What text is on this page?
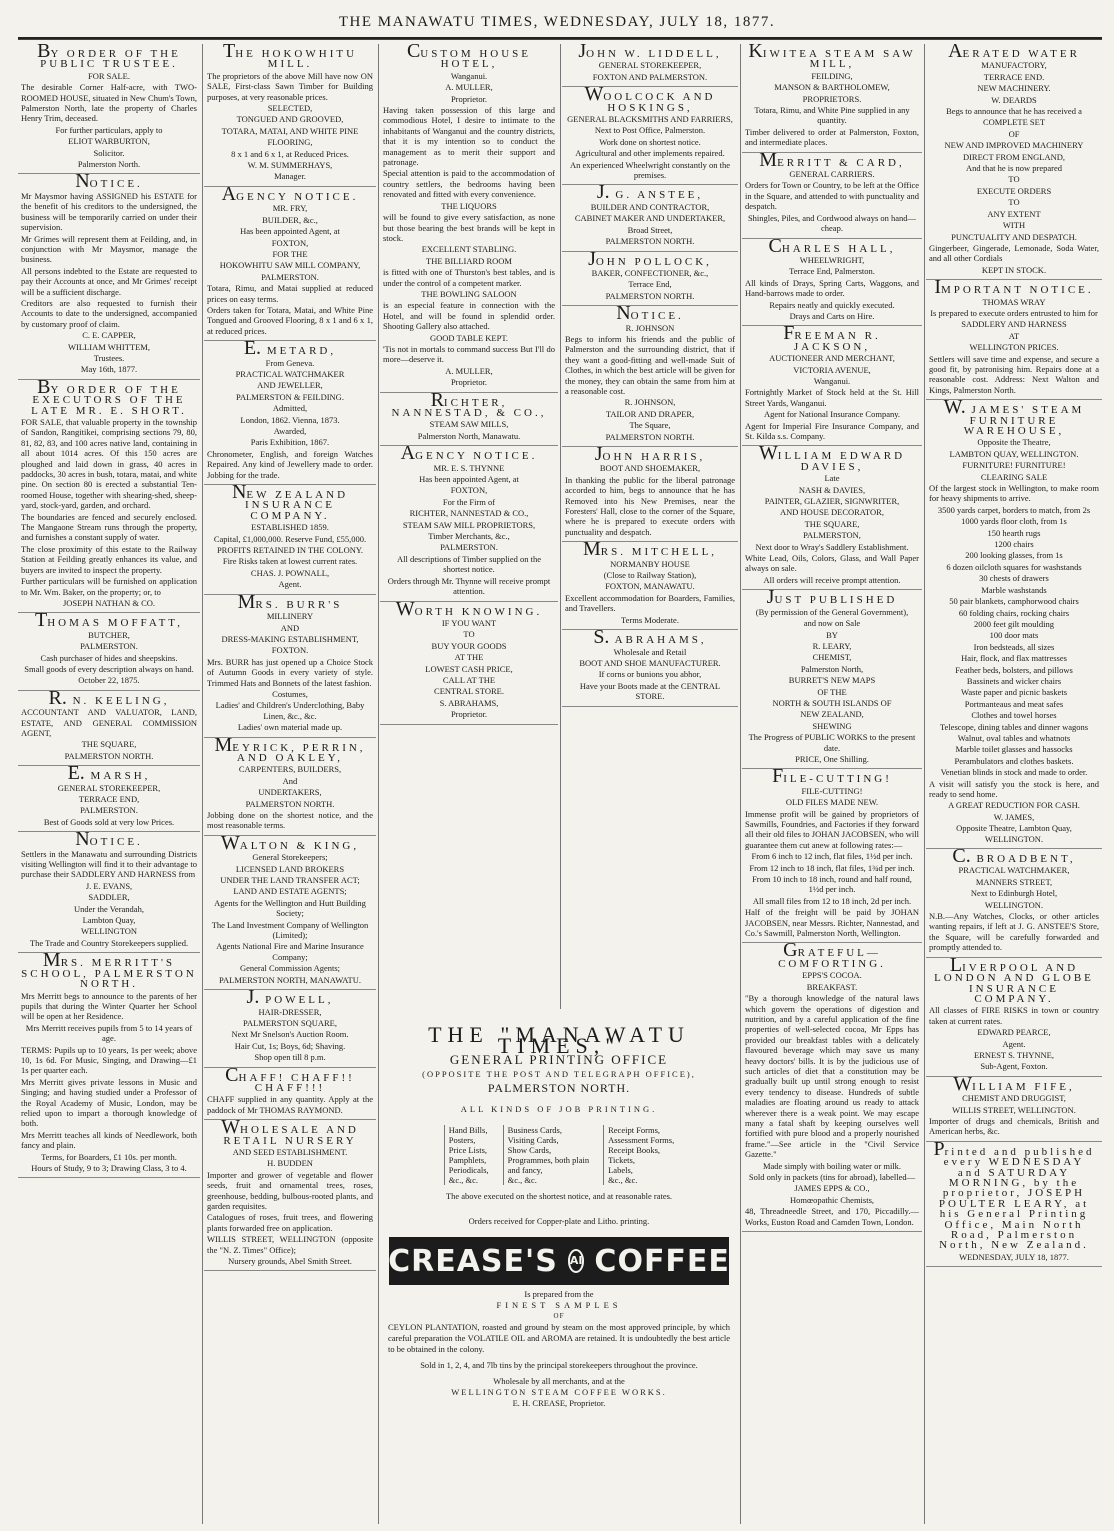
THE MANAWATU TIMES, WEDNESDAY, JULY 18, 1877.

BY ORDER OF THE PUBLIC TRUSTEE.

FOR SALE.

The desirable Corner Half-acre, with TWO-ROOMED HOUSE, situated in New Chum's Town, Palmerston North, late the property of Charles Henry Trim, deceased.

For further particulars, apply to

ELIOT WARBURTON,

Solicitor.

Palmerston North.

NOTICE.

Mr Maysmor having ASSIGNED his ESTATE for the benefit of his creditors to the undersigned, the business will be temporarily carried on under their supervision.

Mr Grimes will represent them at Feilding, and, in conjunction with Mr Maysmor, manage the business.

All persons indebted to the Estate are requested to pay their Accounts at once, and Mr Grimes' receipt will be a sufficient discharge.

Creditors are also requested to furnish their Accounts to date to the undersigned, accompanied by customary proof of claim.

C. E. CAPPER,

WILLIAM WHITTEM,

Trustees.

May 16th, 1877.

BY ORDER OF THE EXECUTORS OF THE LATE MR. E. SHORT.

FOR SALE, that valuable property in the township of Sandon, Rangitikei, comprising sections 79, 80, 81, 82, 83, and 100 acres native land, containing in all about 1014 acres. Of this 150 acres are ploughed and laid down in grass, 40 acres in paddocks, 30 acres in bush, totara, matai, and white pine. On section 80 is erected a substantial Ten-roomed House, together with shearing-shed, sheep-yard, stock-yard, garden, and orchard.

The boundaries are fenced and securely enclosed. The Mangaone Stream runs through the property, and furnishes a constant supply of water.

The close proximity of this estate to the Railway Station at Feilding greatly enhances its value, and buyers are invited to inspect the property.

Further particulars will be furnished on application to Mr. Wm. Baker, on the property; or, to

JOSEPH NATHAN & CO.

THOMAS MOFFATT,

BUTCHER,

PALMERSTON.

Cash purchaser of hides and sheepskins.

Small goods of every description always on hand.

October 22, 1875.

R. N. KEELING,

ACCOUNTANT AND VALUATOR, LAND, ESTATE, AND GENERAL COMMISSION AGENT,

THE SQUARE,

PALMERSTON NORTH.

E. MARSH,

GENERAL STOREKEEPER,

TERRACE END,

PALMERSTON.

Best of Goods sold at very low Prices.

NOTICE.

Settlers in the Manawatu and surrounding Districts visiting Wellington will find it to their advantage to purchase their SADDLERY AND HARNESS from

J. E. EVANS,

SADDLER,

Under the Verandah,

Lambton Quay,

WELLINGTON

The Trade and Country Storekeepers supplied.

MRS. MERRITT'S SCHOOL, PALMERSTON NORTH.

Mrs Merritt begs to announce to the parents of her pupils that during the Winter Quarter her School will be open at her Residence.

Mrs Merritt receives pupils from 5 to 14 years of age.

TERMS: Pupils up to 10 years, 1s per week; above 10, 1s 6d. For Music, Singing, and Drawing—£1 1s per quarter each.

Mrs Merritt gives private lessons in Music and Singing; and having studied under a Professor of the Royal Academy of Music, London, may be relied upon to impart a thorough knowledge of both.

Mrs Merritt teaches all kinds of Needlework, both fancy and plain.

Terms, for Boarders, £1 10s. per month.

Hours of Study, 9 to 3; Drawing Class, 3 to 4.

THE HOKOWHITU MILL.

The proprietors of the above Mill have now ON SALE, First-class Sawn Timber for Building purposes, at very reasonable prices.

SELECTED,

TONGUED AND GROOVED,

TOTARA, MATAI, AND WHITE PINE

FLOORING,

8 x 1 and 6 x 1, at Reduced Prices.

W. M. SUMMERHAYS,

Manager.

AGENCY NOTICE.

MR. FRY,

BUILDER, &c.,

Has been appointed Agent, at

FOXTON,

FOR THE

HOKOWHITU SAW MILL COMPANY,

PALMERSTON.

Totara, Rimu, and Matai supplied at reduced prices on easy terms.

Orders taken for Totara, Matai, and White Pine Tongued and Grooved Flooring, 8 x 1 and 6 x 1, at reduced prices.

E. METARD,

From Geneva.

PRACTICAL WATCHMAKER

AND JEWELLER,

PALMERSTON & FEILDING.

Admitted,

London, 1862. Vienna, 1873.

Awarded,

Paris Exhibition, 1867.

Chronometer, English, and foreign Watches Repaired. Any kind of Jewellery made to order. Jobbing for the trade.

NEW ZEALAND INSURANCE COMPANY.

ESTABLISHED 1859.

Capital, £1,000,000. Reserve Fund, £55,000.

PROFITS RETAINED IN THE COLONY.

Fire Risks taken at lowest current rates.

CHAS. J. POWNALL,

Agent.

MRS. BURR'S

MILLINERY

AND

DRESS-MAKING ESTABLISHMENT,

FOXTON.

Mrs. BURR has just opened up a Choice Stock of Autumn Goods in every variety of style. Trimmed Hats and Bonnets of the latest fashion.

Costumes,

Ladies' and Children's Underclothing, Baby Linen, &c., &c.

Ladies' own material made up.

MEYRICK, PERRIN, AND OAKLEY,

CARPENTERS, BUILDERS,

And

UNDERTAKERS,

PALMERSTON NORTH.

Jobbing done on the shortest notice, and the most reasonable terms.

WALTON & KING,

General Storekeepers;

LICENSED LAND BROKERS

UNDER THE LAND TRANSFER ACT;

LAND AND ESTATE AGENTS;

Agents for the Wellington and Hutt Building Society;

The Land Investment Company of Wellington (Limited);

Agents National Fire and Marine Insurance Company;

General Commission Agents;

PALMERSTON NORTH, MANAWATU.

J. POWELL,

HAIR-DRESSER,

PALMERSTON SQUARE,

Next Mr Snelson's Auction Room.

Hair Cut, 1s; Boys, 6d; Shaving.

Shop open till 8 p.m.

CHAFF! CHAFF!! CHAFF!!!

CHAFF supplied in any quantity. Apply at the paddock of Mr THOMAS RAYMOND.

WHOLESALE AND RETAIL NURSERY

AND SEED ESTABLISHMENT.

H. BUDDEN

Importer and grower of vegetable and flower seeds, fruit and ornamental trees, roses, greenhouse, bedding, bulbous-rooted plants, and garden requisites.

Catalogues of roses, fruit trees, and flowering plants forwarded free on application.

WILLIS STREET, WELLINGTON (opposite the "N. Z. Times" Office);

Nursery grounds, Abel Smith Street.

CUSTOM HOUSE HOTEL,

Wanganui.

A. MULLER,

Proprietor.

Having taken possession of this large and commodious Hotel, I desire to intimate to the inhabitants of Wanganui and the country districts, that it is my intention so to conduct the management as to merit their support and patronage.

Special attention is paid to the accommodation of country settlers, the bedrooms having been renovated and fitted with every convenience.

THE LIQUORS

will be found to give every satisfaction, as none but those bearing the best brands will be kept in stock.

EXCELLENT STABLING.

THE BILLIARD ROOM

is fitted with one of Thurston's best tables, and is under the control of a competent marker.

THE BOWLING SALOON

is an especial feature in connection with the Hotel, and will be found in splendid order. Shooting Gallery also attached.

GOOD TABLE KEPT.

'Tis not in mortals to command success But I'll do more—deserve it.

A. MULLER,

Proprietor.

RICHTER, NANNESTAD, & CO.,

STEAM SAW MILLS,

Palmerston North, Manawatu.

AGENCY NOTICE.

MR. E. S. THYNNE

Has been appointed Agent, at

FOXTON,

For the Firm of

RICHTER, NANNESTAD & CO.,

STEAM SAW MILL PROPRIETORS,

Timber Merchants, &c.,

PALMERSTON.

All descriptions of Timber supplied on the shortest notice.

Orders through Mr. Thynne will receive prompt attention.

WORTH KNOWING.

IF YOU WANT

TO

BUY YOUR GOODS

AT THE

LOWEST CASH PRICE,

CALL AT THE

CENTRAL STORE.

S. ABRAHAMS,

Proprietor.

JOHN W. LIDDELL,

GENERAL STOREKEEPER,

FOXTON AND PALMERSTON.

WOOLCOCK AND HOSKINGS,

GENERAL BLACKSMITHS AND FARRIERS,

Next to Post Office, Palmerston.

Work done on shortest notice.

Agricultural and other implements repaired.

An experienced Wheelwright constantly on the premises.

J. G. ANSTEE,

BUILDER AND CONTRACTOR,

CABINET MAKER AND UNDERTAKER,

Broad Street,

PALMERSTON NORTH.

JOHN POLLOCK,

BAKER, CONFECTIONER, &c.,

Terrace End,

PALMERSTON NORTH.

NOTICE.

R. JOHNSON

Begs to inform his friends and the public of Palmerston and the surrounding district, that if they want a good-fitting and well-made Suit of Clothes, in which the best article will be given for the money, they can obtain the same from him at a reasonable cost.

R. JOHNSON,

TAILOR AND DRAPER,

The Square,

PALMERSTON NORTH.

JOHN HARRIS,

BOOT AND SHOEMAKER,

In thanking the public for the liberal patronage accorded to him, begs to announce that he has Removed into his New Premises, near the Foresters' Hall, close to the corner of the Square, where he is prepared to execute orders with punctuality and despatch.

MRS. MITCHELL,

NORMANBY HOUSE

(Close to Railway Station),

FOXTON, MANAWATU.

Excellent accommodation for Boarders, Families, and Travellers.

Terms Moderate.

S. ABRAHAMS,

Wholesale and Retail

BOOT AND SHOE MANUFACTURER.

If corns or bunions you abhor,

Have your Boots made at the CENTRAL STORE.

KIWITEA STEAM SAW MILL,

FEILDING,

MANSON & BARTHOLOMEW,

PROPRIETORS.

Totara, Rimu, and White Pine supplied in any quantity.

Timber delivered to order at Palmerston, Foxton, and intermediate places.

MERRITT & CARD,

GENERAL CARRIERS.

Orders for Town or Country, to be left at the Office in the Square, and attended to with punctuality and despatch.

Shingles, Piles, and Cordwood always on hand—cheap.

CHARLES HALL,

WHEELWRIGHT,

Terrace End, Palmerston.

All kinds of Drays, Spring Carts, Waggons, and Hand-barrows made to order.

Repairs neatly and quickly executed.

Drays and Carts on Hire.

FREEMAN R. JACKSON,

AUCTIONEER AND MERCHANT,

VICTORIA AVENUE,

Wanganui.

Fortnightly Market of Stock held at the St. Hill Street Yards, Wanganui.

Agent for National Insurance Company.

Agent for Imperial Fire Insurance Company, and St. Kilda s.s. Company.

WILLIAM EDWARD DAVIES,

Late

NASH & DAVIES,

PAINTER, GLAZIER, SIGNWRITER,

AND HOUSE DECORATOR,

THE SQUARE,

PALMERSTON,

Next door to Wray's Saddlery Establishment.

White Lead, Oils, Colors, Glass, and Wall Paper always on sale.

All orders will receive prompt attention.

JUST PUBLISHED

(By permission of the General Government),

and now on Sale

BY

R. LEARY,

CHEMIST,

Palmerston North,

BURRET'S NEW MAPS

OF THE

NORTH & SOUTH ISLANDS OF

NEW ZEALAND,

SHEWING

The Progress of PUBLIC WORKS to the present date.

PRICE, One Shilling.

FILE-CUTTING!

FILE-CUTTING!

OLD FILES MADE NEW.

Immense profit will be gained by proprietors of Sawmills, Foundries, and Factories if they forward all their old files to JOHAN JACOBSEN, who will guarantee them cut anew at following rates:—

From 6 inch to 12 inch, flat files, 1½d per inch.

From 12 inch to 18 inch, flat files, 1¾d per inch.

From 10 inch to 18 inch, round and half round, 1½d per inch.

All small files from 12 to 18 inch, 2d per inch.

Half of the freight will be paid by JOHAN JACOBSEN, near Messrs. Richter, Nannestad, and Co.'s Sawmill, Palmerston North, Wellington.

GRATEFUL—COMFORTING.

EPPS'S COCOA.

BREAKFAST.

"By a thorough knowledge of the natural laws which govern the operations of digestion and nutrition, and by a careful application of the fine properties of well-selected cocoa, Mr Epps has provided our breakfast tables with a delicately flavoured beverage which may save us many heavy doctors' bills. It is by the judicious use of such articles of diet that a constitution may be gradually built up until strong enough to resist every tendency to disease. Hundreds of subtle maladies are floating around us ready to attack wherever there is a weak point. We may escape many a fatal shaft by keeping ourselves well fortified with pure blood and a properly nourished frame."—See article in the "Civil Service Gazette."

Made simply with boiling water or milk.

Sold only in packets (tins for abroad), labelled—

JAMES EPPS & CO.,

Homœopathic Chemists,

48, Threadneedle Street, and 170, Piccadilly.—Works, Euston Road and Camden Town, London.

AERATED WATER

MANUFACTORY,

TERRACE END.

NEW MACHINERY.

W. DEARDS

Begs to announce that he has received a

COMPLETE SET

OF

NEW AND IMPROVED MACHINERY

DIRECT FROM ENGLAND,

And that he is now prepared

TO

EXECUTE ORDERS

TO

ANY EXTENT

WITH

PUNCTUALITY AND DESPATCH.

Gingerbeer, Gingerade, Lemonade, Soda Water, and all other Cordials

KEPT IN STOCK.

IMPORTANT NOTICE.

THOMAS WRAY

Is prepared to execute orders entrusted to him for

SADDLERY AND HARNESS

AT

WELLINGTON PRICES.

Settlers will save time and expense, and secure a good fit, by patronising him. Repairs done at a reasonable cost. Address: Next Walton and Kings, Palmerston North.

W. JAMES' STEAM FURNITURE WAREHOUSE,

Opposite the Theatre,

LAMBTON QUAY, WELLINGTON.

FURNITURE! FURNITURE!

CLEARING SALE

Of the largest stock in Wellington, to make room for heavy shipments to arrive.

3500 yards carpet, borders to match, from 2s

1000 yards floor cloth, from 1s

150 hearth rugs

1200 chairs

200 looking glasses, from 1s

6 dozen oilcloth squares for washstands

30 chests of drawers

Marble washstands

50 pair blankets, camphorwood chairs

60 folding chairs, rocking chairs

2000 feet gilt moulding

100 door mats

Iron bedsteads, all sizes

Hair, flock, and flax mattresses

Feather beds, bolsters, and pillows

Bassinets and wicker chairs

Waste paper and picnic baskets

Portmanteaus and meat safes

Clothes and towel horses

Telescope, dining tables and dinner wagons

Walnut, oval tables and whatnots

Marble toilet glasses and hassocks

Perambulators and clothes baskets.

Venetian blinds in stock and made to order.

A visit will satisfy you the stock is here, and ready to send home.

A GREAT REDUCTION FOR CASH.

W. JAMES,

Opposite Theatre, Lambton Quay, WELLINGTON.

C. BROADBENT,

PRACTICAL WATCHMAKER,

MANNERS STREET,

Next to Edinburgh Hotel,

WELLINGTON.

N.B.—Any Watches, Clocks, or other articles wanting repairs, if left at J. G. ANSTEE'S Store, the Square, will be carefully forwarded and promptly attended to.

LIVERPOOL AND LONDON AND GLOBE INSURANCE COMPANY.

All classes of FIRE RISKS in town or country taken at current rates.

EDWARD PEARCE,

Agent.

ERNEST S. THYNNE,

Sub-Agent, Foxton.

WILLIAM FIFE,

CHEMIST AND DRUGGIST,

WILLIS STREET, WELLINGTON.

Importer of drugs and chemicals, British and American herbs, &c.

Printed and published every WEDNESDAY and SATURDAY MORNING, by the proprietor, JOSEPH POULTER LEARY, at his General Printing Office, Main North Road, Palmerston North, New Zealand.

WEDNESDAY, JULY 18, 1877.

THE "MANAWATU TIMES,"
GENERAL PRINTING OFFICE
(OPPOSITE THE POST AND TELEGRAPH OFFICE),
PALMERSTON NORTH.
ALL KINDS OF JOB PRINTING.

Hand Bills,

Posters,

Price Lists,

Pamphlets,

Periodicals,

&c., &c.

Business Cards,

Visiting Cards,

Show Cards,

Programmes, both plain

and fancy,

&c., &c.

Receipt Forms,

Assessment Forms,

Receipt Books,

Tickets,

Labels,

&c., &c.

The above executed on the shortest notice, and at reasonable rates.
Orders received for Copper-plate and Litho. printing.
CREASE'S AI COFFEE
Is prepared from the
FINEST SAMPLES
OF
CEYLON PLANTATION, roasted and ground by steam on the most approved principle, by which careful preparation the VOLATILE OIL and AROMA are retained. It is undoubtedly the best article to be obtained in the colony.
Sold in 1, 2, 4, and 7lb tins by the principal storekeepers throughout the province.
Wholesale by all merchants, and at the
WELLINGTON STEAM COFFEE WORKS.
E. H. CREASE, Proprietor.
